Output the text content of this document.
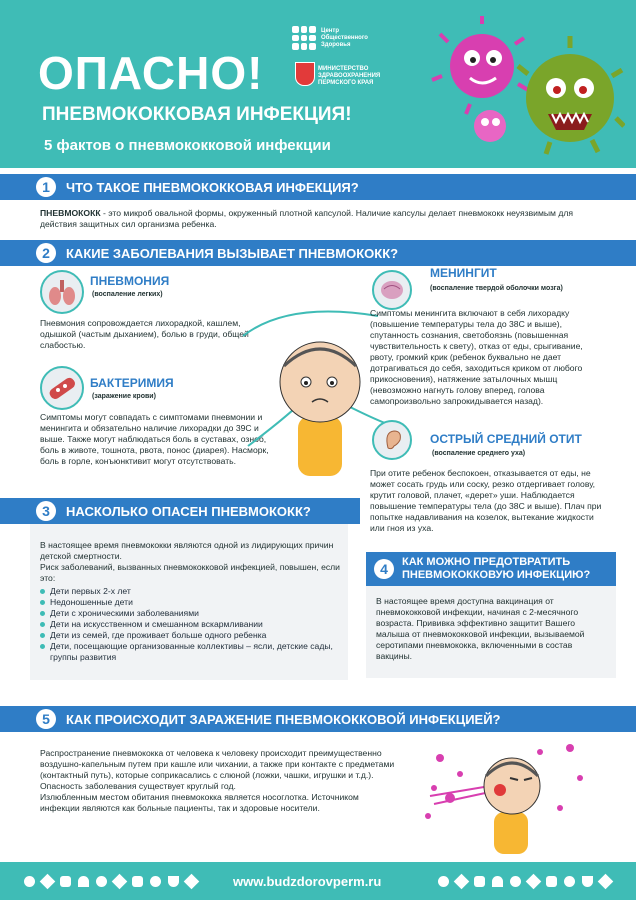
ОПАСНО!
ПНЕВМОКОККОВАЯ ИНФЕКЦИЯ!
5 фактов о пневмококковой инфекции
Центр
Общественного
Здоровья
МИНИСТЕРСТВО
ЗДРАВООХРАНЕНИЯ
ПЕРМСКОГО КРАЯ
1	ЧТО ТАКОЕ ПНЕВМОКОККОВАЯ ИНФЕКЦИЯ?
ПНЕВМОКОКК - это микроб овальной формы, окруженный плотной капсулой. Наличие капсулы делает пневмококк неуязвимым для действия защитных сил организма ребенка.
2	КАКИЕ ЗАБОЛЕВАНИЯ ВЫЗЫВАЕТ ПНЕВМОКОКК?
ПНЕВМОНИЯ
(воспаление легких)
Пневмония сопровождается лихорадкой, кашлем, одышкой (частым дыханием), болью в груди, общей слабостью.
БАКТЕРИМИЯ
(заражение крови)
Симптомы могут совпадать с симптомами пневмонии и менингита и обязательно наличие лихорадки до 39С и выше. Также могут наблюдаться боль в суставах, озноб, боль в животе, тошнота, рвота, понос (диарея). Насморк, боль в горле, конъюнктивит могут отсутствовать.
МЕНИНГИТ
(воспаление твердой оболочки мозга)
Симптомы менингита включают в себя лихорадку (повышение температуры тела до 38С и выше), спутанность сознания, светобоязнь (повышенная чувствительность к свету), отказ от еды, срыгивание, рвоту, громкий крик (ребенок буквально не дает дотрагиваться до себя, заходиться криком от любого прикосновения), натяжение затылочных мышц (невозможно нагнуть голову вперед, голова самопроизвольно запрокидывается назад).
ОСТРЫЙ СРЕДНИЙ ОТИТ
(воспаление среднего уха)
При отите ребенок беспокоен, отказывается от еды, не может сосать грудь или соску, резко отдергивает голову, крутит головой, плачет, «дерет» уши. Наблюдается повышение температуры тела (до 38С и выше). Плач при попытке надавливания на козелок, вытекание жидкости или гноя из уха.
3	НАСКОЛЬКО ОПАСЕН ПНЕВМОКОКК?
В настоящее время пневмококки являются одной из лидирующих причин детской смертности.
Риск заболеваний, вызванных пневмококковой инфекцией, повышен, если это:
Дети первых 2-х лет
Недоношенные дети
Дети с хроническими заболеваниями
Дети на искусственном и смешанном вскармливании
Дети из семей, где проживает больше одного ребенка
Дети, посещающие организованные коллективы – ясли, детские сады, группы развития
4	КАК МОЖНО ПРЕДОТВРАТИТЬ
ПНЕВМОКОККОВУЮ ИНФЕКЦИЮ?
В настоящее время доступна вакцинация от пневмококковой инфекции, начиная с 2-месячного возраста. Прививка эффективно защитит Вашего малыша от пневмококковой инфекции, вызываемой серотипами пневмококка, включенными в состав вакцины.
5	КАК ПРОИСХОДИТ ЗАРАЖЕНИЕ ПНЕВМОКОККОВОЙ ИНФЕКЦИЕЙ?
Распространение пневмококка от человека к человеку происходит преимущественно воздушно-капельным путем при кашле или чихании, а также при контакте с предметами (контактный путь), которые соприкасались с слюной (ложки, чашки, игрушки и т.д.).
Опасность заболевания существует круглый год.
Излюбленным местом обитания пневмококка является носоглотка. Источником инфекции являются как больные пациенты, так и здоровые носители.
www.budzdorovperm.ru
